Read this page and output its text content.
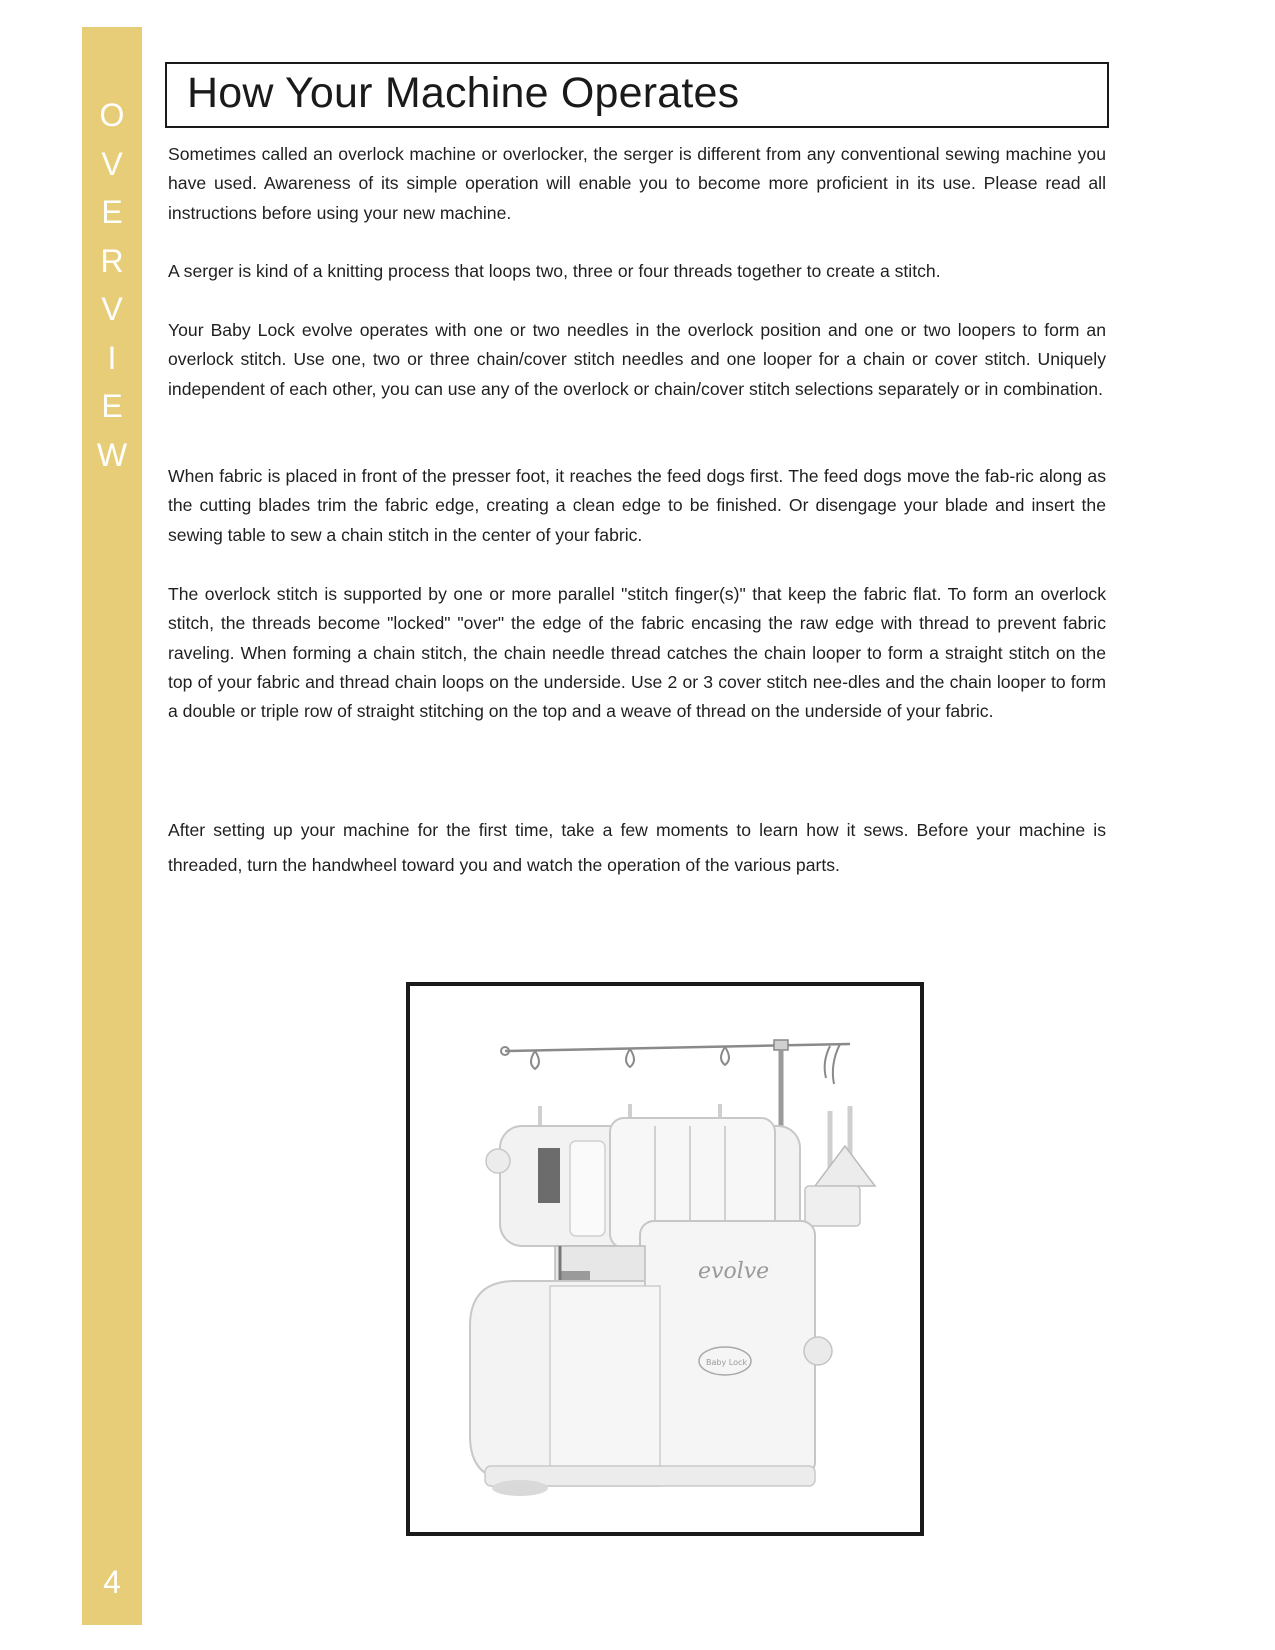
O
V
E
R
V
I
E
W
4
How Your Machine Operates

Sometimes called an overlock machine or overlocker, the serger is different from any conventional sewing machine you have used. Awareness of its simple operation will enable you to become more proficient in its use. Please read all instructions before using your new machine.

A serger is kind of a knitting process that loops two, three or four threads together to create a stitch.

Your Baby Lock evolve operates with one or two needles in the overlock position and one or two loopers to form an overlock stitch. Use one, two or three chain/cover stitch needles and one looper for a chain or cover stitch. Uniquely independent of each other, you can use any of the overlock or chain/cover stitch selections separately or in combination.

When fabric is placed in front of the presser foot, it reaches the feed dogs first. The feed dogs move the fab-ric along as the cutting blades trim the fabric edge, creating a clean edge to be finished. Or disengage your blade and insert the sewing table to sew a chain stitch in the center of your fabric.

The overlock stitch is supported by one or more parallel "stitch finger(s)" that keep the fabric flat. To form an overlock stitch, the threads become "locked" "over" the edge of the fabric encasing the raw edge with thread to prevent fabric raveling. When forming a chain stitch, the chain needle thread catches the chain looper to form a straight stitch on the top of your fabric and thread chain loops on the underside. Use 2 or 3 cover stitch nee-dles and the chain looper to form a double or triple row of straight stitching on the top and a weave of thread on the underside of your fabric.

After setting up your machine for the first time, take a few moments to learn how it sews. Before your machine is threaded, turn the handwheel toward you and watch the operation of the various parts.

evolve
Baby Lock
